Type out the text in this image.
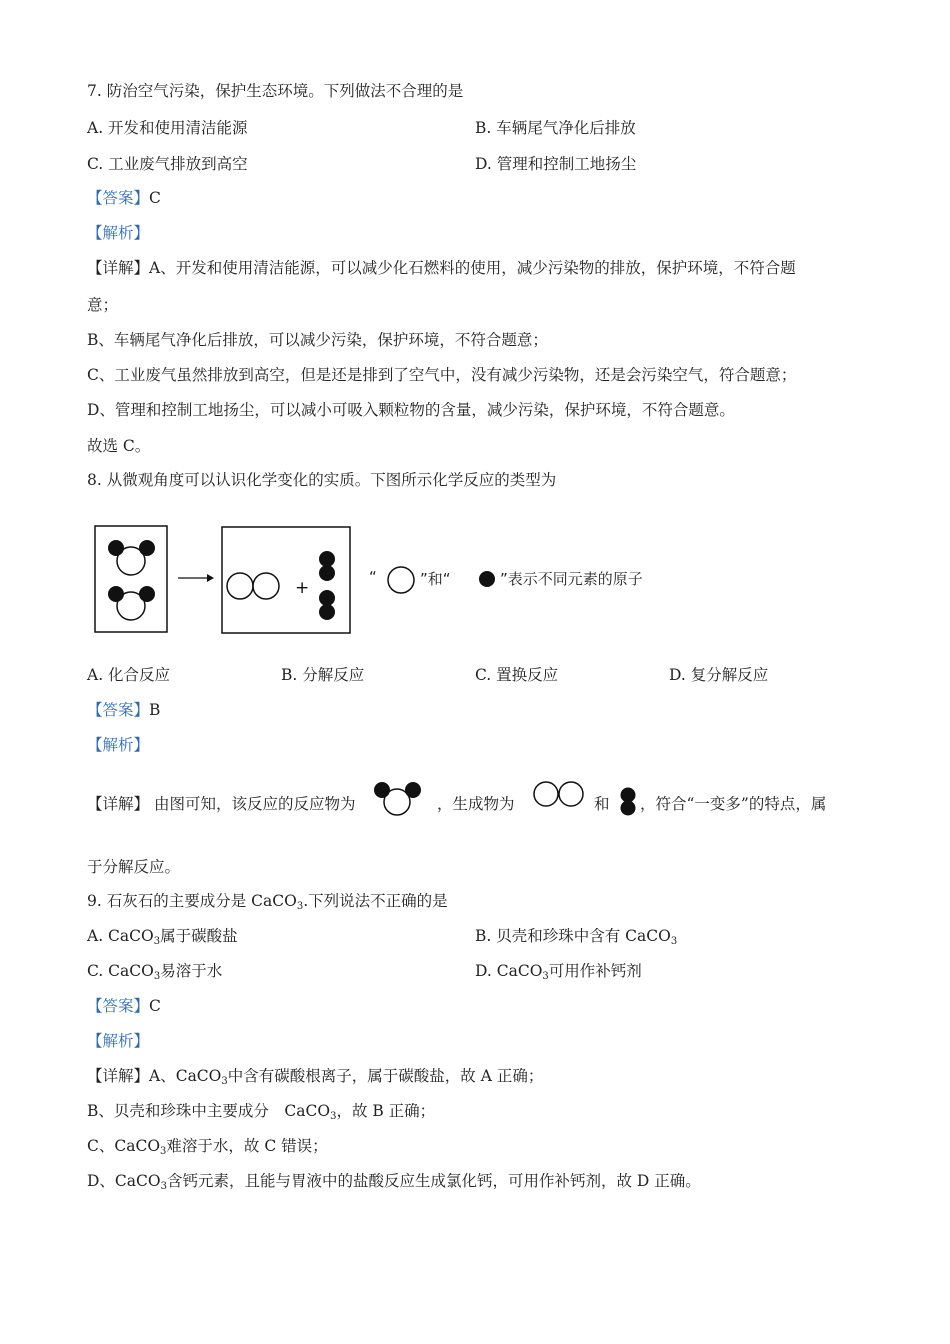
7. 防治空气污染，保护生态环境。下列做法不合理的是
A. 开发和使用清洁能源	B. 车辆尾气净化后排放
C. 工业废气排放到高空	D. 管理和控制工地扬尘
【答案】C
【解析】
【详解】A、开发和使用清洁能源，可以减少化石燃料的使用，减少污染物的排放，保护环境，不符合题
意；
B、车辆尾气净化后排放，可以减少污染，保护环境，不符合题意；
C、工业废气虽然排放到高空，但是还是排到了空气中，没有减少污染物，还是会污染空气，符合题意；
D、管理和控制工地扬尘，可以减小可吸入颗粒物的含量，减少污染，保护环境，不符合题意。
故选 C。
8. 从微观角度可以认识化学变化的实质。下图所示化学反应的类型为
+
“	”和“	”表示不同元素的原子
A. 化合反应	B. 分解反应	C. 置换反应	D. 复分解反应
【答案】B
【解析】
【详解】 由图可知，该反应的反应物为	，生成物为	和 ，符合“一变多”的特点，属
于分解反应。
9. 石灰石的主要成分是 CaCO$_3$.下列说法不正确的是
A. CaCO$_3$属于碳酸盐	B. 贝壳和珍珠中含有 CaCO$_3$
C. CaCO$_3$易溶于水	D. CaCO$_3$可用作补钙剂
【答案】C
【解析】
【详解】A、CaCO$_3$中含有碳酸根离子，属于碳酸盐，故 A 正确；
B、贝壳和珍珠中主要成分　CaCO$_3$，故 B 正确；
C、CaCO$_3$难溶于水，故 C 错误；
D、CaCO$_3$含钙元素，且能与胃液中的盐酸反应生成氯化钙，可用作补钙剂，故 D 正确。
